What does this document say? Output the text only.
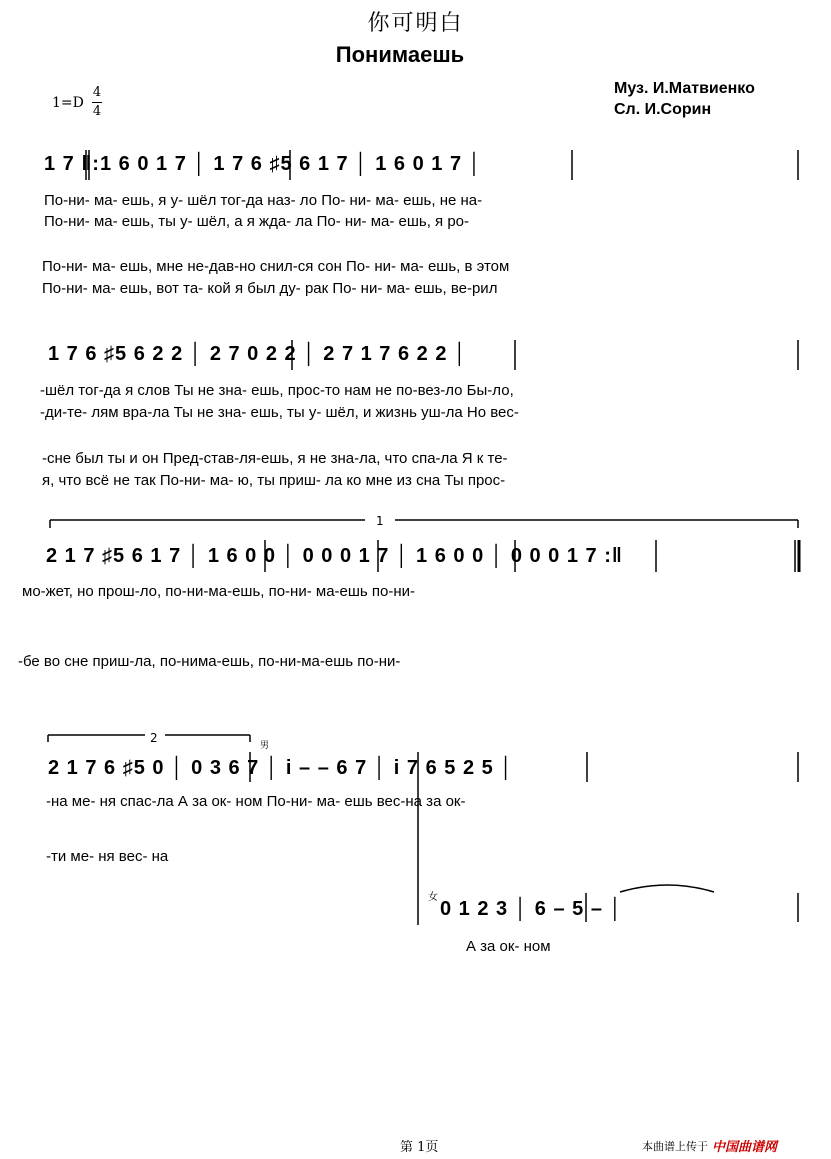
你可明白
Понимаешь
1=D
4
4
Муз. И.Матвиенко
Сл. И.Сорин
1
2
男
女
1 7 ‖:1 6 0 1 7 │ 1 7 6 ♯5 6 1 7 │ 1 6 0 1 7 │
По-ни- ма- ешь, я у- шёл тог-да наз- ло По- ни- ма- ешь, не на-
По-ни- ма- ешь, ты у- шёл, а я жда- ла По- ни- ма- ешь, я ро-
По-ни- ма- ешь, мне не-дав-но снил-ся сон По- ни- ма- ешь, в этом
По-ни- ма- ешь, вот та- кой я был ду- рак По- ни- ма- ешь, ве-рил
1 7 6 ♯5 6 2 2 │ 2 7 0 2 2 │ 2 7 1 7 6 2 2 │
-шёл тог-да я слов Ты не зна- ешь, прос-то нам не по-вез-ло Бы-ло,
-ди-те- лям вра-ла Ты не зна- ешь, ты у- шёл, и жизнь уш-ла Но вес-
-сне был ты и он Пред-став-ля-ешь, я не зна-ла, что спа-ла Я к те-
я, что всё не так По-ни- ма- ю, ты приш- ла ко мне из сна Ты прос-
2 1 7 ♯5 6 1 7 │ 1 6 0 0 │ 0 0 0 1 7 │ 1 6 0 0 │ 0 0 0 1 7 :‖
мо-жет, но прош-ло, по-ни-ма-ешь, по-ни- ма-ешь по-ни-
-бе во сне приш-ла, по-нима-ешь, по-ни-ма-ешь по-ни-
2 1 7 6 ♯5 0 │ 0 3 6 7 │ i – – 6 7 │ i 7 6 5 2 5 │
-на ме- ня спас-ла А за ок- ном По-ни- ма- ешь вес-на за ок-
-ти ме- ня вес- на
0 1 2 3 │ 6 – 5 – │
А за ок- ном
第 1页	本曲谱上传于 中国曲谱网
